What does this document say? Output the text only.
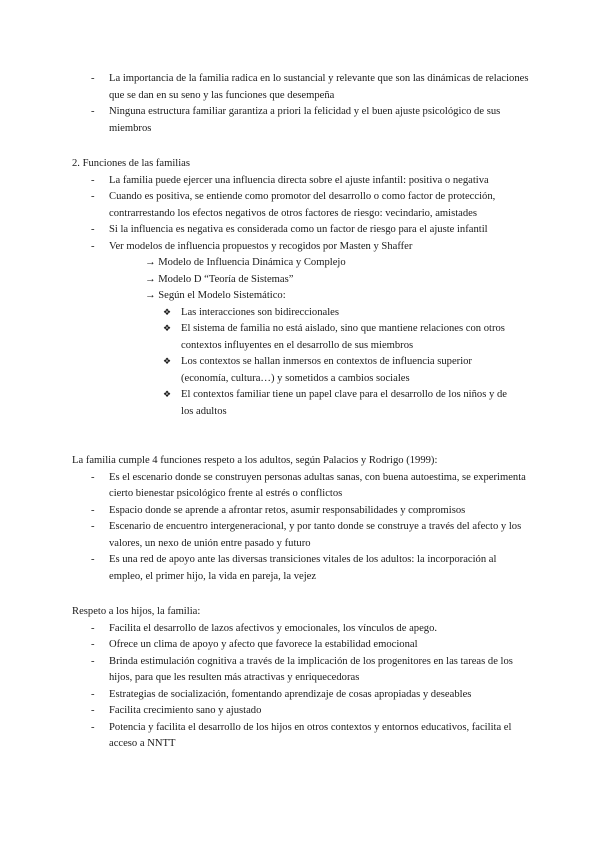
- La importancia de la familia radica en lo sustancial y relevante que son las dinámicas de relaciones que se dan en su seno y las funciones que desempeña
- Ninguna estructura familiar garantiza a priori la felicidad y el buen ajuste psicológico de sus miembros
2. Funciones de las familias
- La familia puede ejercer una influencia directa sobre el ajuste infantil: positiva o negativa
- Cuando es positiva, se entiende como promotor del desarrollo o como factor de protección, contrarrestando los efectos negativos de otros factores de riesgo: vecindario, amistades
- Si la influencia es negativa es considerada como un factor de riesgo para el ajuste infantil
- Ver modelos de influencia propuestos y recogidos por Masten y Shaffer
→ Modelo de Influencia Dinámica y Complejo
→ Modelo D “Teoría de Sistemas”
→ Según el Modelo Sistemático:
❖ Las interacciones son bidireccionales
❖ El sistema de familia no está aislado, sino que mantiene relaciones con otros contextos influyentes en el desarrollo de sus miembros
❖ Los contextos se hallan inmersos en contextos de influencia superior (economía, cultura…) y sometidos a cambios sociales
❖ El contextos familiar tiene un papel clave para el desarrollo de los niños y de los adultos
La familia cumple 4 funciones respeto a los adultos, según Palacios y Rodrigo (1999):
- Es el escenario donde se construyen personas adultas sanas, con buena autoestima, se experimenta cierto bienestar psicológico frente al estrés o conflictos
- Espacio donde se aprende a afrontar retos, asumir responsabilidades y compromisos
- Escenario de encuentro intergeneracional, y por tanto donde se construye a través del afecto y los valores, un nexo de unión entre pasado y futuro
- Es una red de apoyo ante las diversas transiciones vitales de los adultos: la incorporación al empleo, el primer hijo, la vida en pareja, la vejez
Respeto a los hijos, la familia:
- Facilita el desarrollo de lazos afectivos y emocionales, los vínculos de apego.
- Ofrece un clima de apoyo y afecto que favorece la estabilidad emocional
- Brinda estimulación cognitiva a través de la implicación de los progenitores en las tareas de los hijos, para que les resulten más atractivas y enriquecedoras
- Estrategias de socialización, fomentando aprendizaje de cosas apropiadas y deseables
- Facilita crecimiento sano y ajustado
- Potencia y facilita el desarrollo de los hijos en otros contextos y entornos educativos, facilita el acceso a NNTT
